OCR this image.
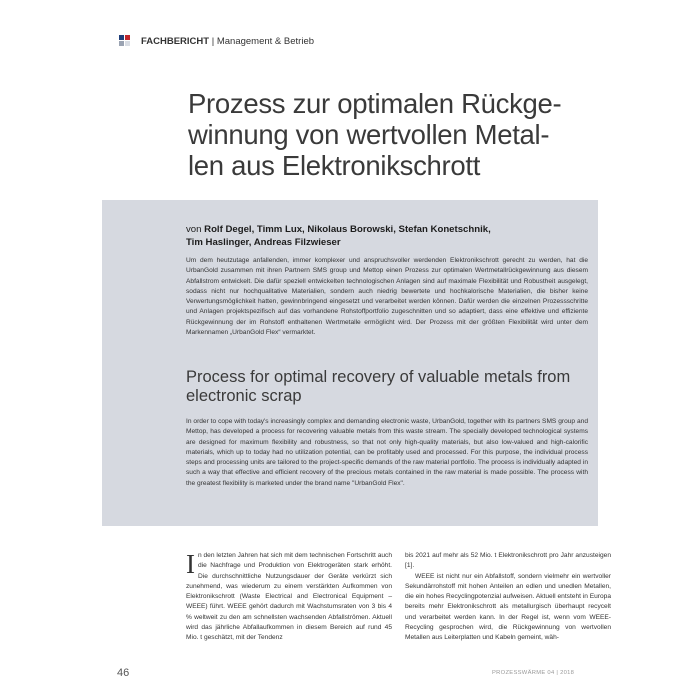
FACHBERICHT | Management & Betrieb
Prozess zur optimalen Rückge-
winnung von wertvollen Metal-
len aus Elektronikschrott
von Rolf Degel, Timm Lux, Nikolaus Borowski, Stefan Konetschnik,
Tim Haslinger, Andreas Filzwieser
Um dem heutzutage anfallenden, immer komplexer und anspruchsvoller werdenden Elektronikschrott gerecht zu werden, hat die UrbanGold zusammen mit ihren Partnern SMS group und Mettop einen Prozess zur optimalen Wertmetallrückgewinnung aus diesem Abfallstrom entwickelt. Die dafür speziell entwickelten technologischen Anlagen sind auf maximale Flexibilität und Robustheit ausgelegt, sodass nicht nur hochqualitative Materialien, sondern auch niedrig bewertete und hochkalorische Materialien, die bisher keine Verwertungsmöglichkeit hatten, gewinnbringend eingesetzt und verarbeitet werden können. Dafür werden die einzelnen Prozessschritte und Anlagen projektspezifisch auf das vorhandene Rohstoffportfolio zugeschnitten und so adaptiert, dass eine effektive und effiziente Rückgewinnung der im Rohstoff enthaltenen Wertmetalle ermöglicht wird. Der Prozess mit der größten Flexibilität wird unter dem Markennamen „UrbanGold Flex“ vermarktet.
Process for optimal recovery of valuable metals from electronic scrap
In order to cope with today's increasingly complex and demanding electronic waste, UrbanGold, together with its partners SMS group and Mettop, has developed a process for recovering valuable metals from this waste stream. The specially developed technological systems are designed for maximum flexibility and robustness, so that not only high-quality materials, but also low-valued and high-calorific materials, which up to today had no utilization potential, can be profitably used and processed. For this purpose, the individual process steps and processing units are tailored to the project-specific demands of the raw material portfolio. The process is individually adapted in such a way that effective and efficient recovery of the precious metals contained in the raw material is made possible. The process with the greatest flexibility is marketed under the brand name "UrbanGold Flex".
In den letzten Jahren hat sich mit dem technischen Fortschritt auch die Nachfrage und Produktion von Elektrogeräten stark erhöht. Die durchschnittliche Nutzungsdauer der Geräte verkürzt sich zunehmend, was wiederum zu einem verstärkten Aufkommen von Elektronikschrott (Waste Electrical and Electronical Equipment – WEEE) führt. WEEE gehört dadurch mit Wachstumsraten von 3 bis 4 % weltweit zu den am schnellsten wachsenden Abfallströmen. Aktuell wird das jährliche Abfallaufkommen in diesem Bereich auf rund 45 Mio. t geschätzt, mit der Tendenz
bis 2021 auf mehr als 52 Mio. t Elektronikschrott pro Jahr anzusteigen [1].
WEEE ist nicht nur ein Abfallstoff, sondern vielmehr ein wertvoller Sekundärrohstoff mit hohen Anteilen an edlen und unedlen Metallen, die ein hohes Recyclingpotenzial aufweisen. Aktuell entsteht in Europa bereits mehr Elektronikschrott als metallurgisch überhaupt recycelt und verarbeitet werden kann. In der Regel ist, wenn vom WEEE-Recycling gesprochen wird, die Rückgewinnung von wertvollen Metallen aus Leiterplatten und Kabeln gemeint, wäh-
46	PROZESSWÄRME 04 | 2018
